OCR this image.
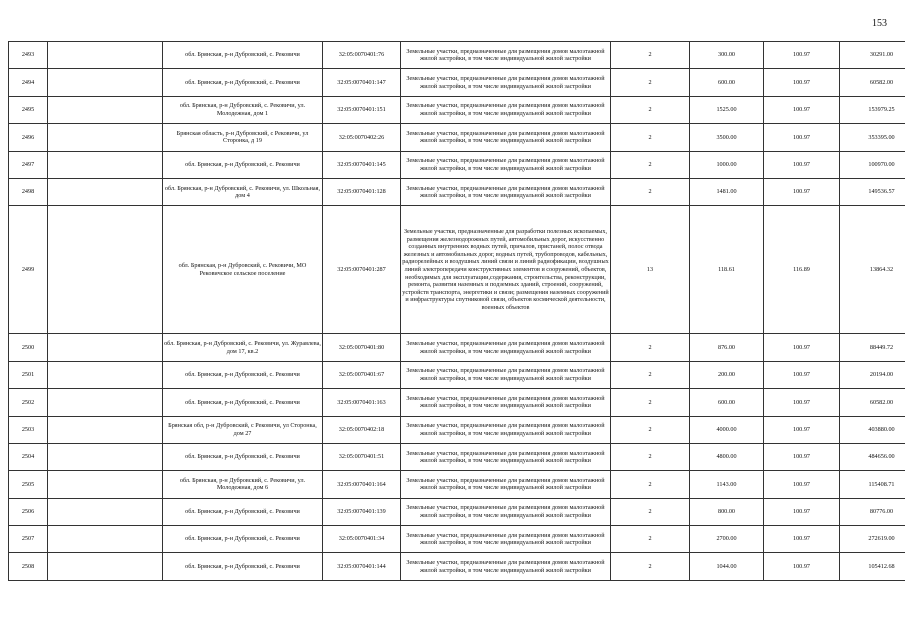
153
2493		обл. Брянская, р-н Дубровский, с. Рековичи	32:05:0070401:76	Земельные участки, предназначенные для размещения домов малоэтажной жилой застройки, в том числе индивидуальной жилой застройки	2	300.00	100.97	30291.00
2494		обл. Брянская, р-н Дубровский, с. Рековичи	32:05:0070401:147	Земельные участки, предназначенные для размещения домов малоэтажной жилой застройки, в том числе индивидуальной жилой застройки	2	600.00	100.97	60582.00
2495		обл. Брянская, р-н Дубровский, с. Рековичи, ул. Молодежная, дом 1	32:05:0070401:151	Земельные участки, предназначенные для размещения домов малоэтажной жилой застройки, в том числе индивидуальной жилой застройки	2	1525.00	100.97	153979.25
2496		Брянская область, р-н Дубровский, с Рековичи, ул Сторонка, д 19	32:05:0070402:26	Земельные участки, предназначенные для размещения домов малоэтажной жилой застройки, в том числе индивидуальной жилой застройки	2	3500.00	100.97	353395.00
2497		обл. Брянская, р-н Дубровский, с. Рековичи	32:05:0070401:145	Земельные участки, предназначенные для размещения домов малоэтажной жилой застройки, в том числе индивидуальной жилой застройки	2	1000.00	100.97	100970.00
2498		обл. Брянская, р-н Дубровский, с. Рековичи, ул. Школьная, дом 4	32:05:0070401:128	Земельные участки, предназначенные для размещения домов малоэтажной жилой застройки, в том числе индивидуальной жилой застройки	2	1481.00	100.97	149536.57
2499		обл. Брянская, р-н Дубровский, с. Рековичи, МО Рековичское сельское поселение	32:05:0070401:287	Земельные участки, предназначенные для разработки полезных ископаемых, размещения железнодорожных путей, автомобильных дорог, искусственно созданных внутренних водных путей, причалов, пристаней, полос отвода железных и автомобильных дорог, водных путей, трубопроводов, кабельных, радиорелейных и воздушных линий связи и линий радиофикации, воздушных линий электропередачи конструктивных элементов и сооружений, объектов, необходимых для эксплуатации,содержания, строительства, реконструкции, ремонта, развития наземных и подземных зданий, строений, сооружений, устройств транспорта, энергетики и связи; размещения наземных сооружений и инфраструктуры спутниковой связи, объектов космической деятельности, военных объектов	13	118.61	116.89	13864.32
2500		обл. Брянская, р-н Дубровский, с. Рековичи, ул. Журавлева, дом 17, кв.2	32:05:0070401:80	Земельные участки, предназначенные для размещения домов малоэтажной жилой застройки, в том числе индивидуальной жилой застройки	2	876.00	100.97	88449.72
2501		обл. Брянская, р-н Дубровский, с. Рековичи	32:05:0070401:67	Земельные участки, предназначенные для размещения домов малоэтажной жилой застройки, в том числе индивидуальной жилой застройки	2	200.00	100.97	20194.00
2502		обл. Брянская, р-н Дубровский, с. Рековичи	32:05:0070401:163	Земельные участки, предназначенные для размещения домов малоэтажной жилой застройки, в том числе индивидуальной жилой застройки	2	600.00	100.97	60582.00
2503		Брянская обл, р-н Дубровский, с Рековичи, ул Сторонка, дом 27	32:05:0070402:18	Земельные участки, предназначенные для размещения домов малоэтажной жилой застройки, в том числе индивидуальной жилой застройки	2	4000.00	100.97	403880.00
2504		обл. Брянская, р-н Дубровский, с. Рековичи	32:05:0070401:51	Земельные участки, предназначенные для размещения домов малоэтажной жилой застройки, в том числе индивидуальной жилой застройки	2	4800.00	100.97	484656.00
2505		обл. Брянская, р-н Дубровский, с. Рековичи, ул. Молодежная, дом 6	32:05:0070401:164	Земельные участки, предназначенные для размещения домов малоэтажной жилой застройки, в том числе индивидуальной жилой застройки	2	1143.00	100.97	115408.71
2506		обл. Брянская, р-н Дубровский, с. Рековичи	32:05:0070401:139	Земельные участки, предназначенные для размещения домов малоэтажной жилой застройки, в том числе индивидуальной жилой застройки	2	800.00	100.97	80776.00
2507		обл. Брянская, р-н Дубровский, с. Рековичи	32:05:0070401:34	Земельные участки, предназначенные для размещения домов малоэтажной жилой застройки, в том числе индивидуальной жилой застройки	2	2700.00	100.97	272619.00
2508		обл. Брянская, р-н Дубровский, с. Рековичи	32:05:0070401:144	Земельные участки, предназначенные для размещения домов малоэтажной жилой застройки, в том числе индивидуальной жилой застройки	2	1044.00	100.97	105412.68
